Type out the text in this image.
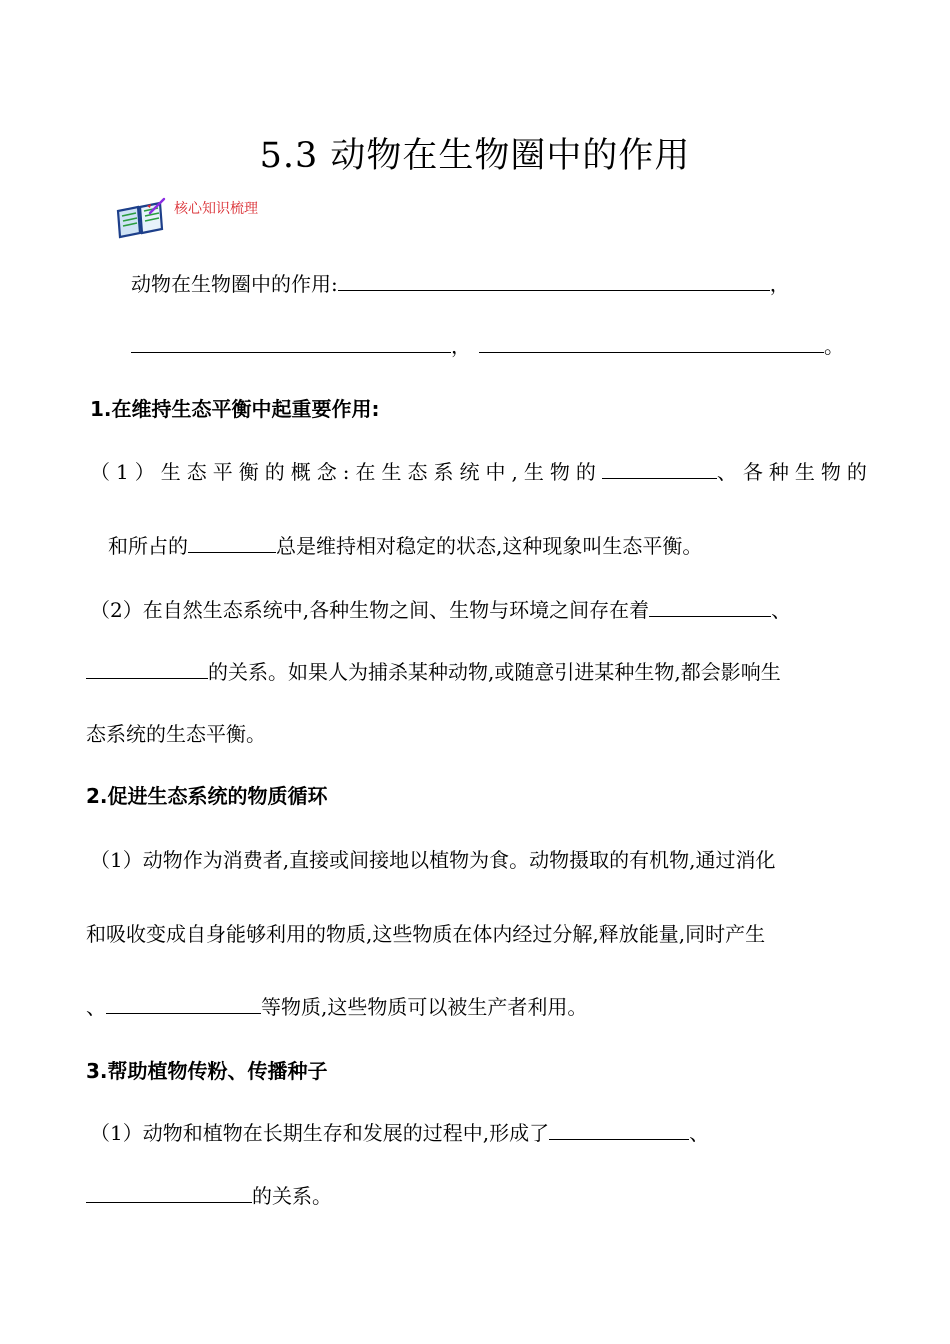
5.3 动物在生物圈中的作用
核心知识梳理
动物在生物圈中的作用:	，
，	。
1.在维持生态平衡中起重要作用:
（1）生态平衡的概念:在生态系统中,生物的	、各种生物的
和所占的	总是维持相对稳定的状态,这种现象叫生态平衡。
（2）在自然生态系统中,各种生物之间、生物与环境之间存在着	、
的关系。如果人为捕杀某种动物,或随意引进某种生物,都会影响生
态系统的生态平衡。
2.促进生态系统的物质循环
（1）动物作为消费者,直接或间接地以植物为食。动物摄取的有机物,通过消化
和吸收变成自身能够利用的物质,这些物质在体内经过分解,释放能量,同时产生
、	等物质,这些物质可以被生产者利用。
3.帮助植物传粉、传播种子
（1）动物和植物在长期生存和发展的过程中,形成了	、
的关系。
